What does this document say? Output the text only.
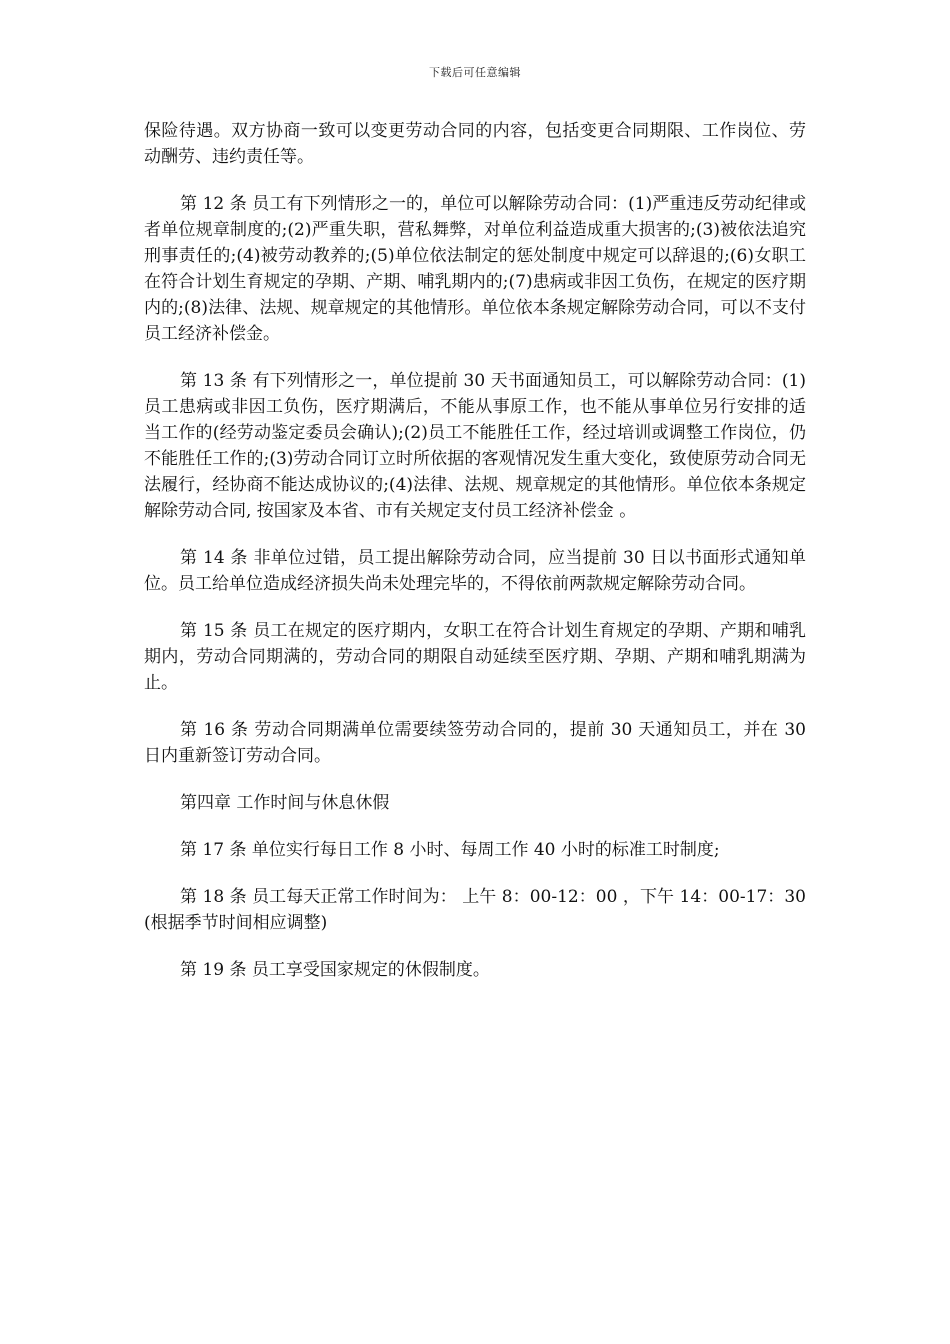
下载后可任意编辑

保险待遇。双方协商一致可以变更劳动合同的内容，包括变更合同期限、工作岗位、劳动酬劳、违约责任等。

第 12 条 员工有下列情形之一的，单位可以解除劳动合同：(1)严重违反劳动纪律或者单位规章制度的;(2)严重失职，营私舞弊，对单位利益造成重大损害的;(3)被依法追究刑事责任的;(4)被劳动教养的;(5)单位依法制定的惩处制度中规定可以辞退的;(6)女职工在符合计划生育规定的孕期、产期、哺乳期内的;(7)患病或非因工负伤，在规定的医疗期内的;(8)法律、法规、规章规定的其他情形。单位依本条规定解除劳动合同，可以不支付员工经济补偿金。

第 13 条 有下列情形之一，单位提前 30 天书面通知员工，可以解除劳动合同：(1)员工患病或非因工负伤，医疗期满后，不能从事原工作，也不能从事单位另行安排的适当工作的(经劳动鉴定委员会确认);(2)员工不能胜任工作，经过培训或调整工作岗位，仍不能胜任工作的;(3)劳动合同订立时所依据的客观情况发生重大变化，致使原劳动合同无法履行，经协商不能达成协议的;(4)法律、法规、规章规定的其他情形。单位依本条规定解除劳动合同, 按国家及本省、市有关规定支付员工经济补偿金 。

第 14 条 非单位过错，员工提出解除劳动合同，应当提前 30 日以书面形式通知单位。员工给单位造成经济损失尚未处理完毕的，不得依前两款规定解除劳动合同。

第 15 条 员工在规定的医疗期内，女职工在符合计划生育规定的孕期、产期和哺乳期内，劳动合同期满的，劳动合同的期限自动延续至医疗期、孕期、产期和哺乳期满为止。

第 16 条 劳动合同期满单位需要续签劳动合同的，提前 30 天通知员工，并在 30 日内重新签订劳动合同。

第四章 工作时间与休息休假

第 17 条 单位实行每日工作 8 小时、每周工作 40 小时的标准工时制度;

第 18 条 员工每天正常工作时间为： 上午 8：00-12：00 ，下午 14：00-17：30(根据季节时间相应调整)

第 19 条 员工享受国家规定的休假制度。
